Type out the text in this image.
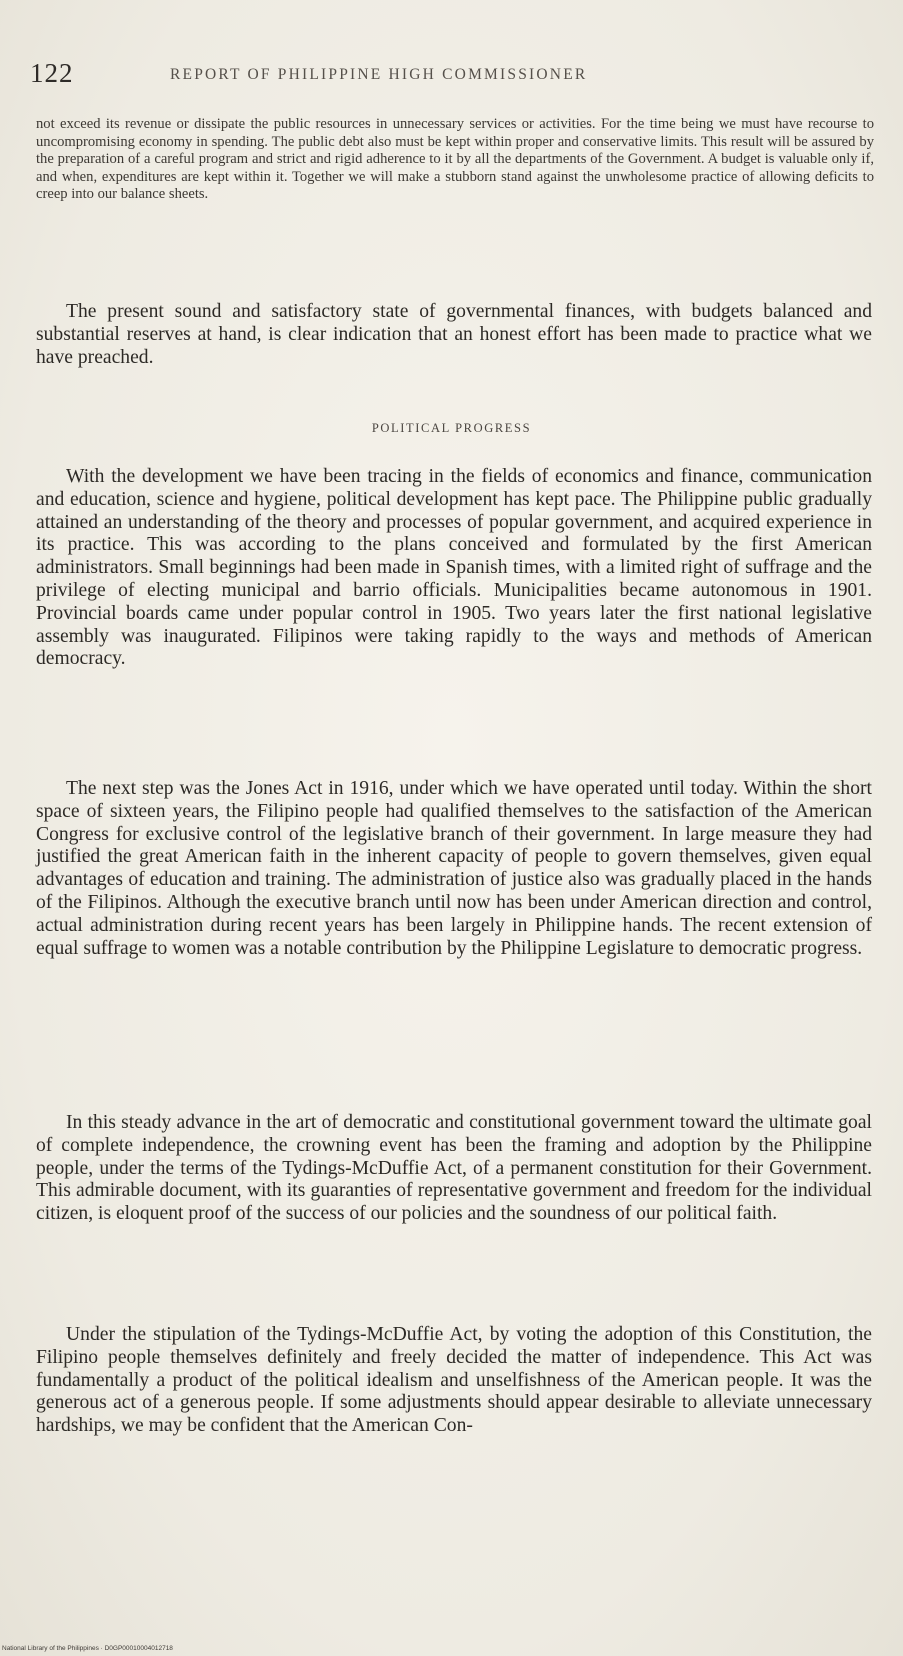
122	REPORT OF PHILIPPINE HIGH COMMISSIONER
not exceed its revenue or dissipate the public resources in unnecessary services or activities. For the time being we must have recourse to uncompromising economy in spending. The public debt also must be kept within proper and conservative limits. This result will be assured by the preparation of a careful program and strict and rigid adherence to it by all the departments of the Government. A budget is valuable only if, and when, expenditures are kept within it. Together we will make a stubborn stand against the unwholesome practice of allowing deficits to creep into our balance sheets.

The present sound and satisfactory state of governmental finances, with budgets balanced and substantial reserves at hand, is clear indication that an honest effort has been made to practice what we have preached.

POLITICAL PROGRESS

With the development we have been tracing in the fields of economics and finance, communication and education, science and hygiene, political development has kept pace. The Philippine public gradually attained an understanding of the theory and processes of popular government, and acquired experience in its practice. This was according to the plans conceived and formulated by the first American administrators. Small beginnings had been made in Spanish times, with a limited right of suffrage and the privilege of electing municipal and barrio officials. Municipalities became autonomous in 1901. Provincial boards came under popular control in 1905. Two years later the first national legislative assembly was inaugurated. Filipinos were taking rapidly to the ways and methods of American democracy.

The next step was the Jones Act in 1916, under which we have operated until today. Within the short space of sixteen years, the Filipino people had qualified themselves to the satisfaction of the American Congress for exclusive control of the legislative branch of their government. In large measure they had justified the great American faith in the inherent capacity of people to govern themselves, given equal advantages of education and training. The administration of justice also was gradually placed in the hands of the Filipinos. Although the executive branch until now has been under American direction and control, actual administration during recent years has been largely in Philippine hands. The recent extension of equal suffrage to women was a notable contribution by the Philippine Legislature to democratic progress.

In this steady advance in the art of democratic and constitutional government toward the ultimate goal of complete independence, the crowning event has been the framing and adoption by the Philippine people, under the terms of the Tydings-McDuffie Act, of a permanent constitution for their Government. This admirable document, with its guaranties of representative government and freedom for the individual citizen, is eloquent proof of the success of our policies and the soundness of our political faith.

Under the stipulation of the Tydings-McDuffie Act, by voting the adoption of this Constitution, the Filipino people themselves definitely and freely decided the matter of independence. This Act was fundamentally a product of the political idealism and unselfishness of the American people. It was the generous act of a generous people. If some adjustments should appear desirable to alleviate unnecessary hardships, we may be confident that the American Con-

National Library of the Philippines · D0GP00010004012718
